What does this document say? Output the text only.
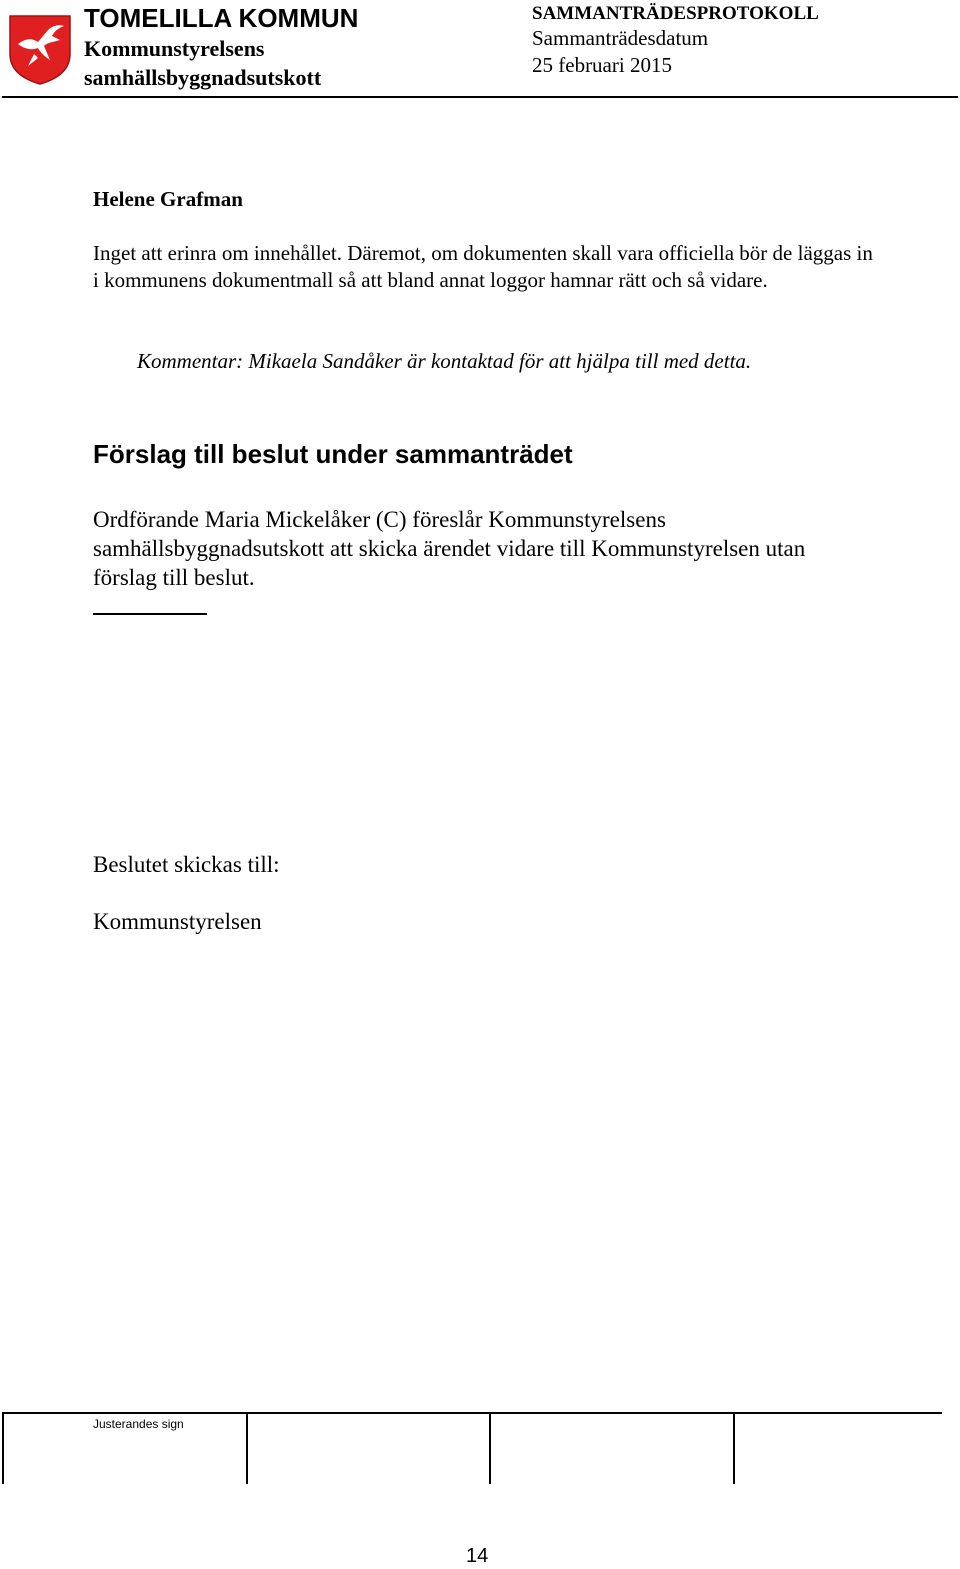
TOMELILLA KOMMUN
Kommunstyrelsens
samhällsbyggnadsutskott
SAMMANTRÄDESPROTOKOLL
Sammanträdesdatum
25 februari 2015
Helene Grafman
Inget att erinra om innehållet. Däremot, om dokumenten skall vara officiella bör de läggas in i kommunens dokumentmall så att bland annat loggor hamnar rätt och så vidare.
Kommentar: Mikaela Sandåker är kontaktad för att hjälpa till med detta.
Förslag till beslut under sammanträdet
Ordförande Maria Mickelåker (C) föreslår Kommunstyrelsens samhällsbyggnadsutskott att skicka ärendet vidare till Kommunstyrelsen utan förslag till beslut.
Beslutet skickas till:
Kommunstyrelsen
Justerandes sign
14
